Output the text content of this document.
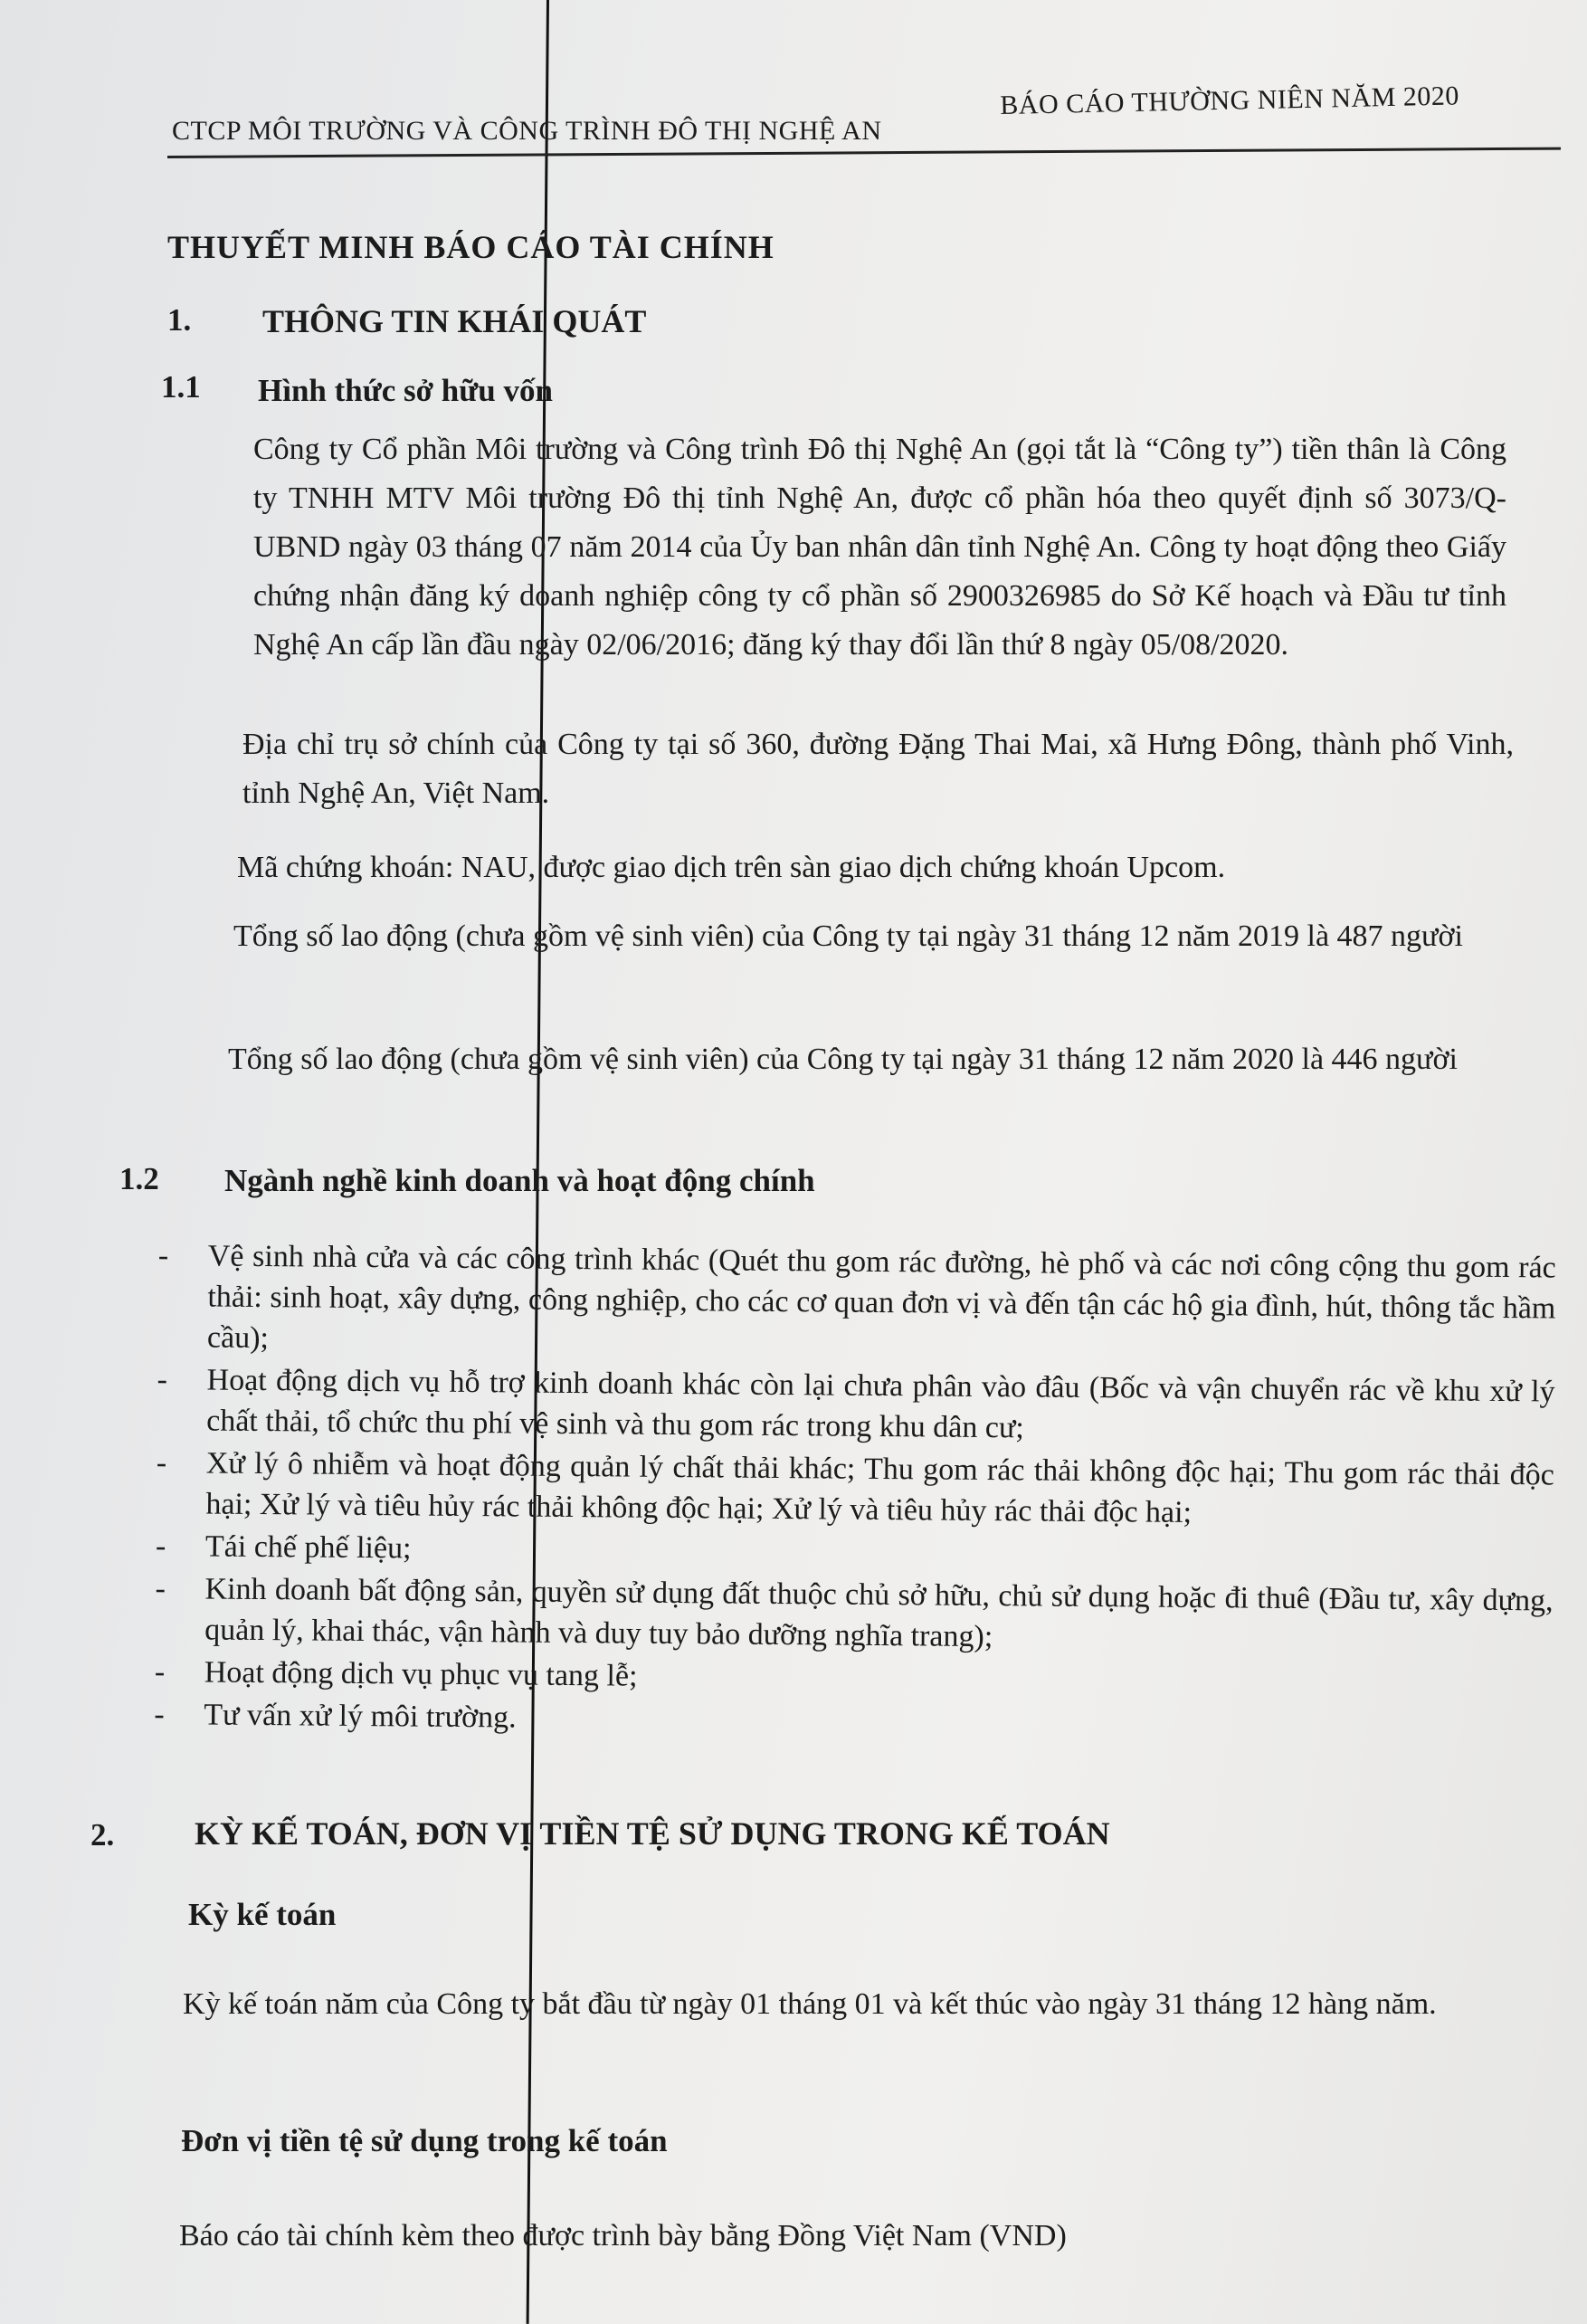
CTCP MÔI TRƯỜNG VÀ CÔNG TRÌNH ĐÔ THỊ NGHỆ AN
BÁO CÁO THƯỜNG NIÊN NĂM 2020
THUYẾT MINH BÁO CÁO TÀI CHÍNH
1. THÔNG TIN KHÁI QUÁT
1.1 Hình thức sở hữu vốn
Công ty Cổ phần Môi trường và Công trình Đô thị Nghệ An (gọi tắt là “Công ty”) tiền thân là Công ty TNHH MTV Môi trường Đô thị tỉnh Nghệ An, được cổ phần hóa theo quyết định số 3073/Q-UBND ngày 03 tháng 07 năm 2014 của Ủy ban nhân dân tỉnh Nghệ An. Công ty hoạt động theo Giấy chứng nhận đăng ký doanh nghiệp công ty cổ phần số 2900326985 do Sở Kế hoạch và Đầu tư tỉnh Nghệ An cấp lần đầu ngày 02/06/2016; đăng ký thay đổi lần thứ 8 ngày 05/08/2020.
Địa chỉ trụ sở chính của Công ty tại số 360, đường Đặng Thai Mai, xã Hưng Đông, thành phố Vinh, tỉnh Nghệ An, Việt Nam.
Mã chứng khoán: NAU, được giao dịch trên sàn giao dịch chứng khoán Upcom.
Tổng số lao động (chưa gồm vệ sinh viên) của Công ty tại ngày 31 tháng 12 năm 2019 là 487 người
Tổng số lao động (chưa gồm vệ sinh viên) của Công ty tại ngày 31 tháng 12 năm 2020 là 446 người
1.2 Ngành nghề kinh doanh và hoạt động chính
-	Vệ sinh nhà cửa và các công trình khác (Quét thu gom rác đường, hè phố và các nơi công cộng thu gom rác thải: sinh hoạt, xây dựng, công nghiệp, cho các cơ quan đơn vị và đến tận các hộ gia đình, hút, thông tắc hầm cầu);
-	Hoạt động dịch vụ hỗ trợ kinh doanh khác còn lại chưa phân vào đâu (Bốc và vận chuyển rác về khu xử lý chất thải, tổ chức thu phí vệ sinh và thu gom rác trong khu dân cư;
-	Xử lý ô nhiễm và hoạt động quản lý chất thải khác; Thu gom rác thải không độc hại; Thu gom rác thải độc hại; Xử lý và tiêu hủy rác thải không độc hại; Xử lý và tiêu hủy rác thải độc hại;
-	Tái chế phế liệu;
-	Kinh doanh bất động sản, quyền sử dụng đất thuộc chủ sở hữu, chủ sử dụng hoặc đi thuê (Đầu tư, xây dựng, quản lý, khai thác, vận hành và duy tuy bảo dưỡng nghĩa trang);
-	Hoạt động dịch vụ phục vụ tang lễ;
-	Tư vấn xử lý môi trường.
2. KỲ KẾ TOÁN, ĐƠN VỊ TIỀN TỆ SỬ DỤNG TRONG KẾ TOÁN
Kỳ kế toán
Kỳ kế toán năm của Công ty bắt đầu từ ngày 01 tháng 01 và kết thúc vào ngày 31 tháng 12 hàng năm.
Đơn vị tiền tệ sử dụng trong kế toán
Báo cáo tài chính kèm theo được trình bày bằng Đồng Việt Nam (VND)
